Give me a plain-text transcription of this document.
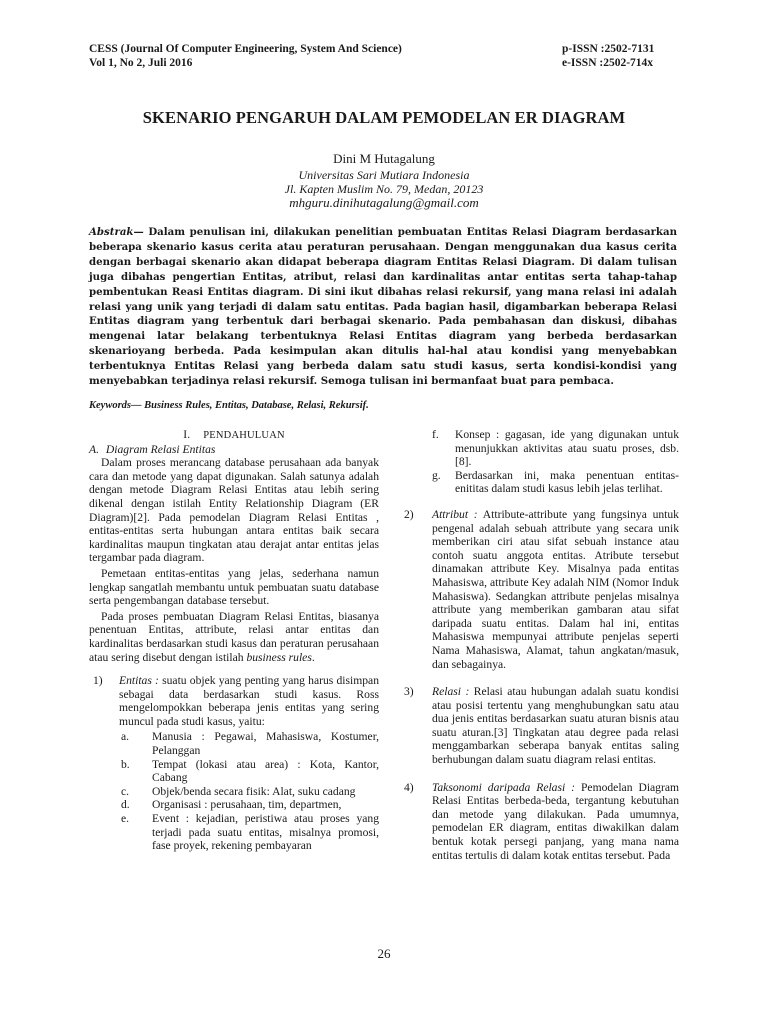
CESS (Journal Of Computer Engineering, System And Science)
Vol 1, No 2, Juli 2016
p-ISSN :2502-7131
e-ISSN :2502-714x
SKENARIO PENGARUH DALAM PEMODELAN ER DIAGRAM
Dini M Hutagalung
Universitas Sari Mutiara Indonesia
Jl. Kapten Muslim No. 79, Medan, 20123
mhguru.dinihutagalung@gmail.com
Abstrak— Dalam penulisan ini, dilakukan penelitian pembuatan Entitas Relasi Diagram berdasarkan beberapa skenario kasus cerita atau peraturan perusahaan. Dengan menggunakan dua kasus cerita dengan berbagai skenario akan didapat beberapa diagram Entitas Relasi Diagram. Di dalam tulisan juga dibahas pengertian Entitas, atribut, relasi dan kardinalitas antar entitas serta tahap-tahap pembentukan Reasi Entitas diagram. Di sini ikut dibahas relasi rekursif, yang mana relasi ini adalah relasi yang unik yang terjadi di dalam satu entitas. Pada bagian hasil, digambarkan beberapa Relasi Entitas diagram yang terbentuk dari berbagai skenario. Pada pembahasan dan diskusi, dibahas mengenai latar belakang terbentuknya Relasi Entitas diagram yang berbeda berdasarkan skenarioyang berbeda. Pada kesimpulan akan ditulis hal-hal atau kondisi yang menyebabkan terbentuknya Entitas Relasi yang berbeda dalam satu studi kasus, serta kondisi-kondisi yang menyebabkan terjadinya relasi rekursif. Semoga tulisan ini bermanfaat buat para pembaca.
Keywords— Business Rules, Entitas, Database, Relasi, Rekursif.
I. PENDAHULUAN
A. Diagram Relasi Entitas

Dalam proses merancang database perusahaan ada banyak cara dan metode yang dapat digunakan. Salah satunya adalah dengan metode Diagram Relasi Entitas atau lebih sering dikenal dengan istilah Entity Relationship Diagram (ER Diagram)[2]. Pada pemodelan Diagram Relasi Entitas , entitas-entitas serta hubungan antara entitas baik secara kardinalitas maupun tingkatan atau derajat antar entitas jelas tergambar pada diagram.

Pemetaan entitas-entitas yang jelas, sederhana namun lengkap sangatlah membantu untuk pembuatan suatu database serta pengembangan database tersebut.

Pada proses pembuatan Diagram Relasi Entitas, biasanya penentuan Entitas, attribute, relasi antar entitas dan kardinalitas berdasarkan studi kasus dan peraturan perusahaan atau sering disebut dengan istilah business rules.

1) Entitas : suatu objek yang penting yang harus disimpan sebagai data berdasarkan studi kasus. Ross mengelompokkan beberapa jenis entitas yang sering muncul pada studi kasus, yaitu:
a. Manusia : Pegawai, Mahasiswa, Kostumer, Pelanggan
b. Tempat (lokasi atau area) : Kota, Kantor, Cabang
c. Objek/benda secara fisik: Alat, suku cadang
d. Organisasi : perusahaan, tim, departmen,
e. Event : kejadian, peristiwa atau proses yang terjadi pada suatu entitas, misalnya promosi, fase proyek, rekening pembayaran
f. Konsep : gagasan, ide yang digunakan untuk menunjukkan aktivitas atau suatu proses, dsb. [8].
g. Berdasarkan ini, maka penentuan entitas-enititas dalam studi kasus lebih jelas terlihat.
2) Attribut : Attribute-attribute yang fungsinya untuk pengenal adalah sebuah attribute yang secara unik memberikan ciri atau sifat sebuah instance atau contoh suatu anggota entitas. Atribute tersebut dinamakan attribute Key. Misalnya pada entitas Mahasiswa, attribute Key adalah NIM (Nomor Induk Mahasiswa). Sedangkan attribute penjelas misalnya attribute yang memberikan gambaran atau sifat daripada suatu entitas. Dalam hal ini, entitas Mahasiswa mempunyai attribute penjelas seperti Nama Mahasiswa, Alamat, tahun angkatan/masuk, dan sebagainya.
3) Relasi : Relasi atau hubungan adalah suatu kondisi atau posisi tertentu yang menghubungkan satu atau dua jenis entitas berdasarkan suatu aturan bisnis atau suatu aturan.[3] Tingkatan atau degree pada relasi menggambarkan seberapa banyak entitas saling berhubungan dalam suatu diagram relasi entitas.
4) Taksonomi daripada Relasi : Pemodelan Diagram Relasi Entitas berbeda-beda, tergantung kebutuhan dan metode yang dilakukan. Pada umumnya, pemodelan ER diagram, entitas diwakilkan dalam bentuk kotak persegi panjang, yang mana nama entitas tertulis di dalam kotak entitas tersebut. Pada
26
